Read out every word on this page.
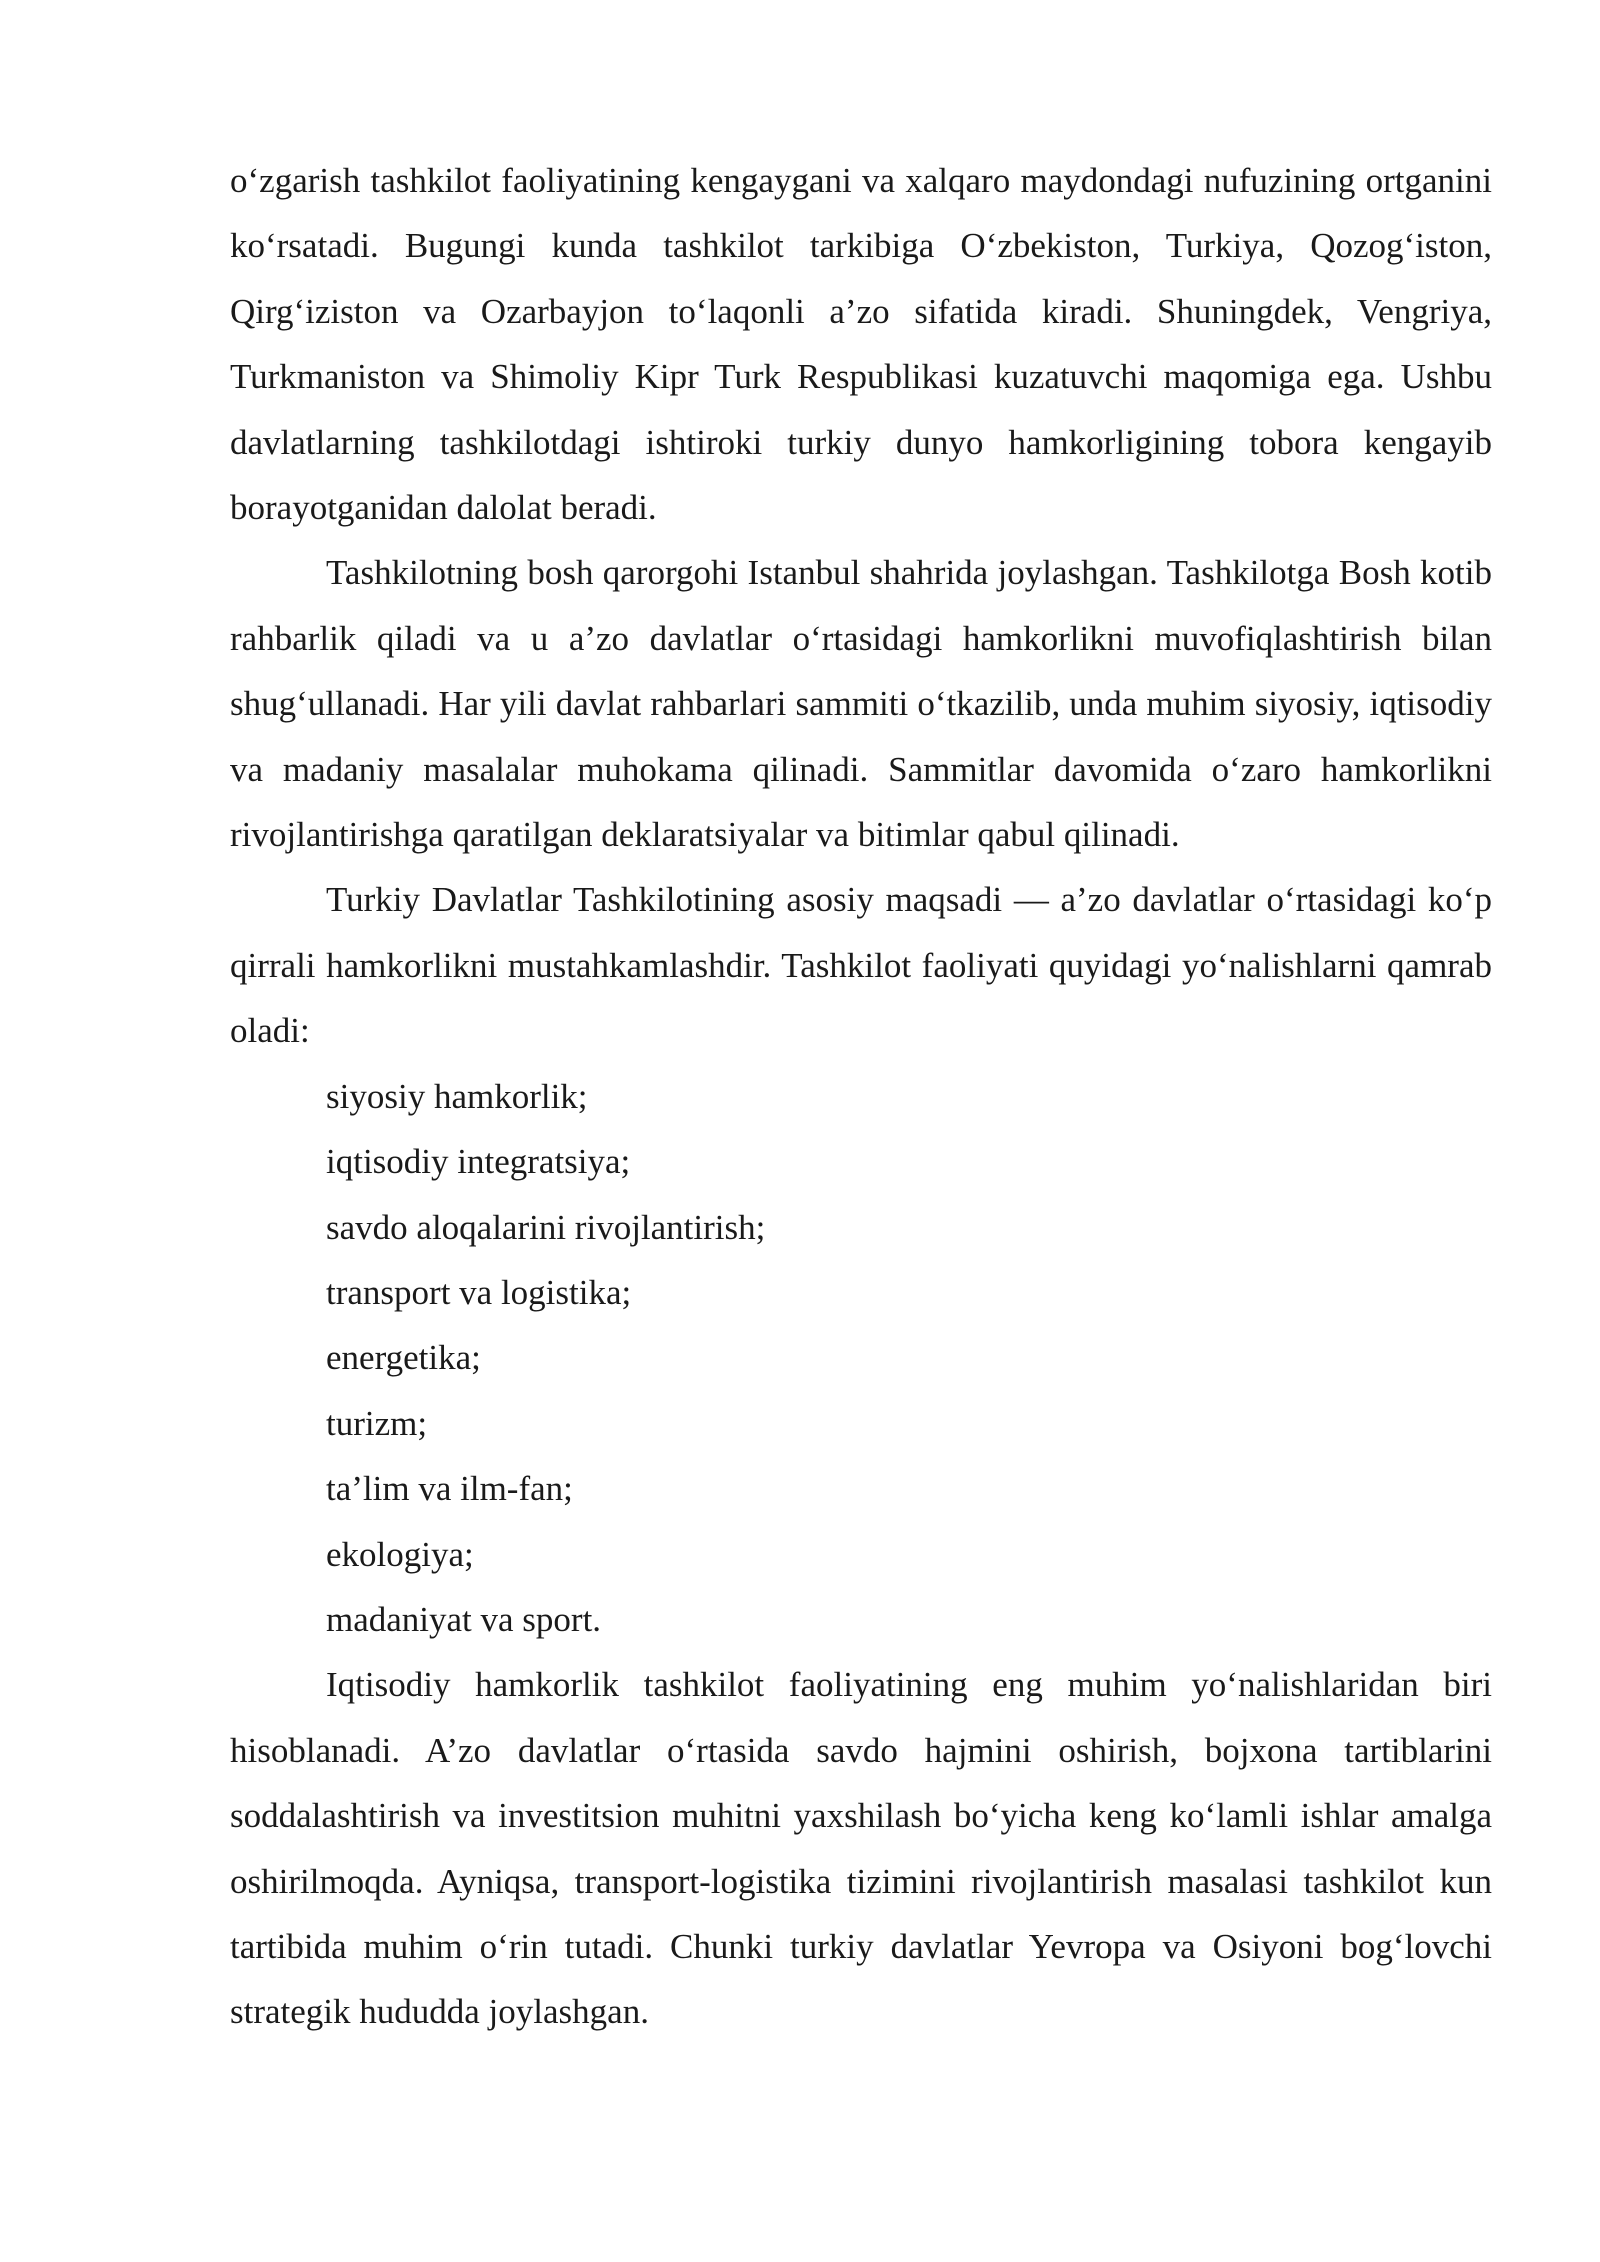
o‘zgarish tashkilot faoliyatining kengaygani va xalqaro maydondagi nufuzining ortganini ko‘rsatadi. Bugungi kunda tashkilot tarkibiga O‘zbekiston, Turkiya, Qozog‘iston, Qirg‘iziston va Ozarbayjon to‘laqonli a’zo sifatida kiradi. Shuningdek, Vengriya, Turkmaniston va Shimoliy Kipr Turk Respublikasi kuzatuvchi maqomiga ega. Ushbu davlatlarning tashkilotdagi ishtiroki turkiy dunyo hamkorligining tobora kengayib borayotganidan dalolat beradi.

Tashkilotning bosh qarorgohi Istanbul shahrida joylashgan. Tashkilotga Bosh kotib rahbarlik qiladi va u a’zo davlatlar o‘rtasidagi hamkorlikni muvofiqlashtirish bilan shug‘ullanadi. Har yili davlat rahbarlari sammiti o‘tkazilib, unda muhim siyosiy, iqtisodiy va madaniy masalalar muhokama qilinadi. Sammitlar davomida o‘zaro hamkorlikni rivojlantirishga qaratilgan deklaratsiyalar va bitimlar qabul qilinadi.

Turkiy Davlatlar Tashkilotining asosiy maqsadi — a’zo davlatlar o‘rtasidagi ko‘p qirrali hamkorlikni mustahkamlashdir. Tashkilot faoliyati quyidagi yo‘nalishlarni qamrab oladi:

siyosiy hamkorlik;
iqtisodiy integratsiya;
savdo aloqalarini rivojlantirish;
transport va logistika;
energetika;
turizm;
ta’lim va ilm-fan;
ekologiya;
madaniyat va sport.

Iqtisodiy hamkorlik tashkilot faoliyatining eng muhim yo‘nalishlaridan biri hisoblanadi. A’zo davlatlar o‘rtasida savdo hajmini oshirish, bojxona tartiblarini soddalashtirish va investitsion muhitni yaxshilash bo‘yicha keng ko‘lamli ishlar amalga oshirilmoqda. Ayniqsa, transport-logistika tizimini rivojlantirish masalasi tashkilot kun tartibida muhim o‘rin tutadi. Chunki turkiy davlatlar Yevropa va Osiyoni bog‘lovchi strategik hududda joylashgan.
